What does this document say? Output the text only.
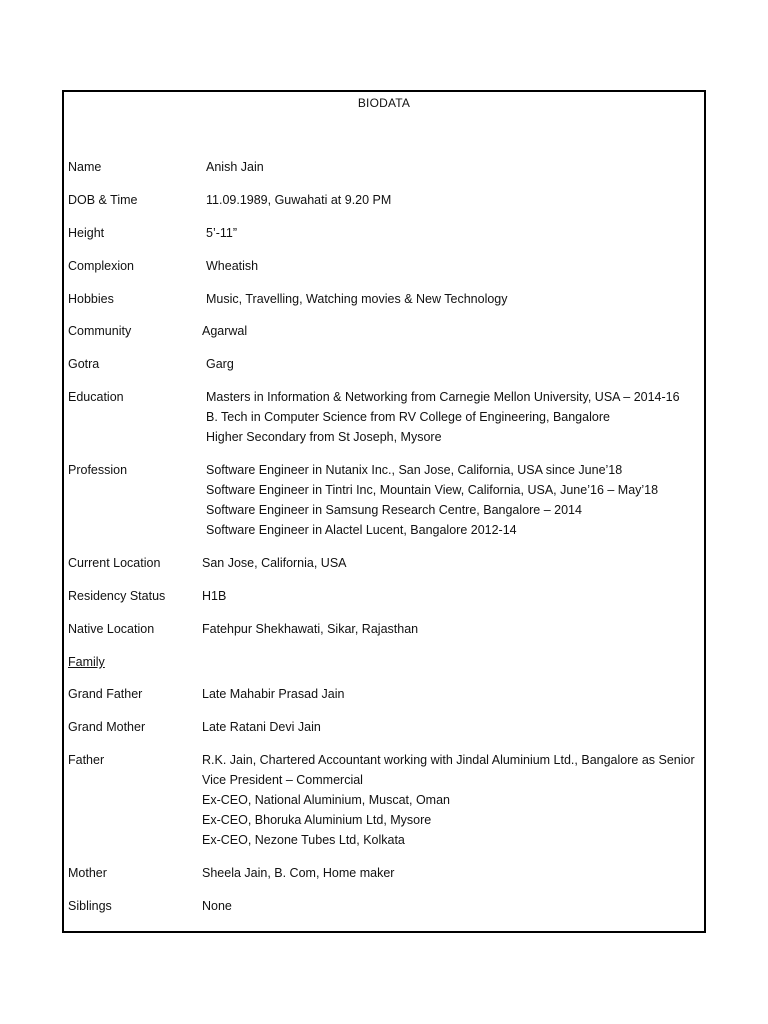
BIODATA
Name	Anish Jain
DOB & Time	11.09.1989, Guwahati at 9.20 PM
Height	5’-11”
Complexion	Wheatish
Hobbies	Music, Travelling, Watching movies & New Technology
Community	Agarwal
Gotra	Garg
Education	Masters in Information & Networking from Carnegie Mellon University, USA – 2014-16
B. Tech in Computer Science from RV College of Engineering, Bangalore
Higher Secondary from St Joseph, Mysore
Profession	Software Engineer in Nutanix Inc., San Jose, California, USA since June’18
Software Engineer in Tintri Inc, Mountain View, California, USA, June’16 – May’18
Software Engineer in Samsung Research Centre, Bangalore – 2014
Software Engineer in Alactel Lucent, Bangalore 2012-14
Current Location	San Jose, California, USA
Residency Status	H1B
Native Location	Fatehpur Shekhawati, Sikar, Rajasthan
Family
Grand Father	Late Mahabir Prasad Jain
Grand Mother	Late Ratani Devi Jain
Father	R.K. Jain, Chartered Accountant working with Jindal Aluminium Ltd., Bangalore as Senior
Vice President – Commercial
Ex-CEO, National Aluminium, Muscat, Oman
Ex-CEO, Bhoruka Aluminium Ltd, Mysore
Ex-CEO, Nezone Tubes Ltd, Kolkata
Mother	Sheela Jain, B. Com, Home maker
Siblings	None
